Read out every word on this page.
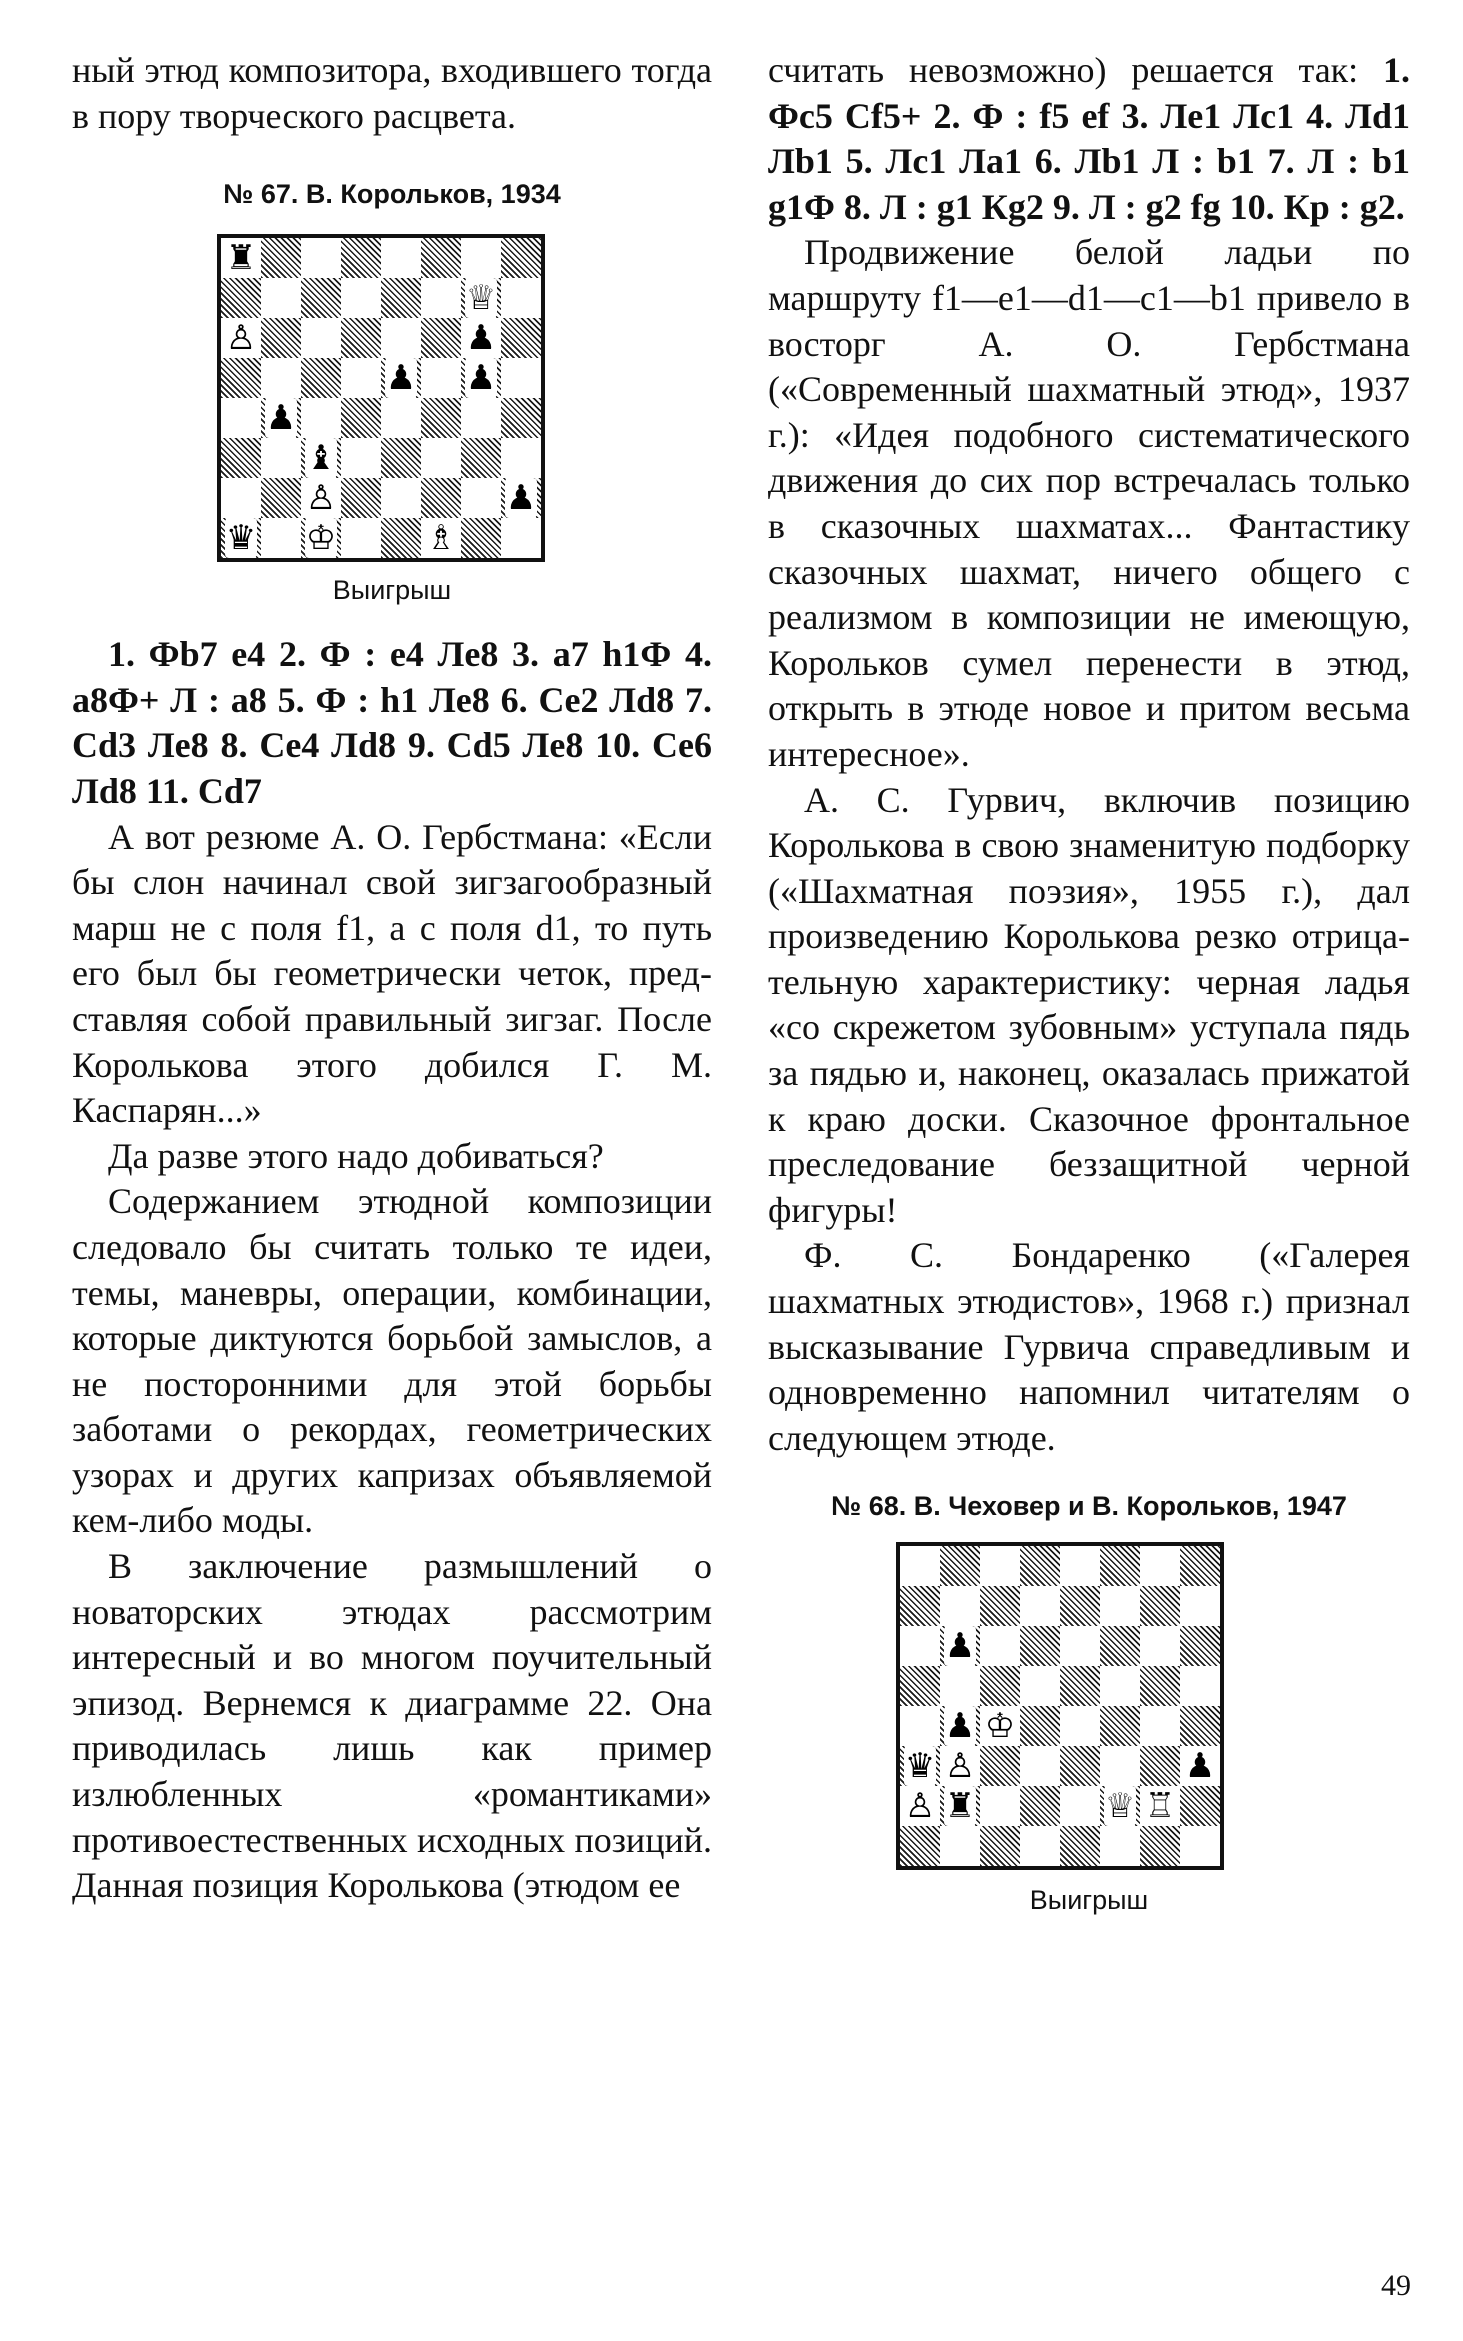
ный этюд композитора, входившего тогда в пору творческого расцвета.

№ 67. В. Корольков, 1934

♜
♕
♙	♟
♟ ♟
♟
♝
♙	♟
♛ ♔	♗

Выигрыш

1. Фb7 e4 2. Ф : e4 Лe8 3. a7 h1Ф 4. a8Ф+ Л : a8 5. Ф : h1 Лe8 6. Сe2 Лd8 7. Сd3 Лe8 8. Сe4 Лd8 9. Сd5 Лe8 10. Сe6 Лd8 11. Сd7

А вот резюме А. О. Гербстмана: «Если бы слон начинал свой зигзагообразный марш не с поля f1, а с поля d1, то путь его был бы геометрически четок, представляя собой правильный зигзаг. После Королькова этого добился Г. М. Каспарян...»

Да разве этого надо добиваться?

Содержанием этюдной композиции следовало бы считать только те идеи, темы, маневры, операции, комбинации, которые диктуются борьбой замыслов, а не посторонними для этой борьбы заботами о рекордах, геометрических узорах и других капризах объявляемой кем-либо моды.

В заключение размышлений о новаторских этюдах рассмотрим интересный и во многом поучительный эпизод. Вернемся к диаграмме 22. Она приводилась лишь как пример излюбленных «романтиками» противоестественных исходных позиций. Данная позиция Королькова (этюдом ее

считать невозможно) решается так: 1. Фc5 Сf5+ 2. Ф : f5 ef 3. Лe1 Лc1 4. Лd1 Лb1 5. Лc1 Лa1 6. Лb1 Л : b1 7. Л : b1 g1Ф 8. Л : g1 Кg2 9. Л : g2 fg 10. Кр : g2.

Продвижение белой ладьи по маршруту f1—e1—d1—c1—b1 привело в восторг А. О. Гербстмана («Современный шахматный этюд», 1937 г.): «Идея подобного систематического движения до сих пор встречалась только в сказочных шахматах... Фантастику сказочных шахмат, ничего общего с реализмом в композиции не имеющую, Корольков сумел перенести в этюд, открыть в этюде новое и притом весьма интересное».

А. С. Гурвич, включив позицию Королькова в свою знаменитую подборку («Шахматная поэзия», 1955 г.), дал произведению Королькова резко отрицательную характеристику: черная ладья «со скрежетом зубовным» уступала пядь за пядью и, наконец, оказалась прижатой к краю доски. Сказочное фронтальное преследование беззащитной черной фигуры!

Ф. С. Бондаренко («Галерея шахматных этюдистов», 1968 г.) признал высказывание Гурвича справедливым и одновременно напомнил читателям о следующем этюде.

№ 68. В. Чеховер и В. Корольков, 1947

♟
♟ ♔
♛ ♙	♟
♙ ♜	♕ ♖

Выигрыш

49
